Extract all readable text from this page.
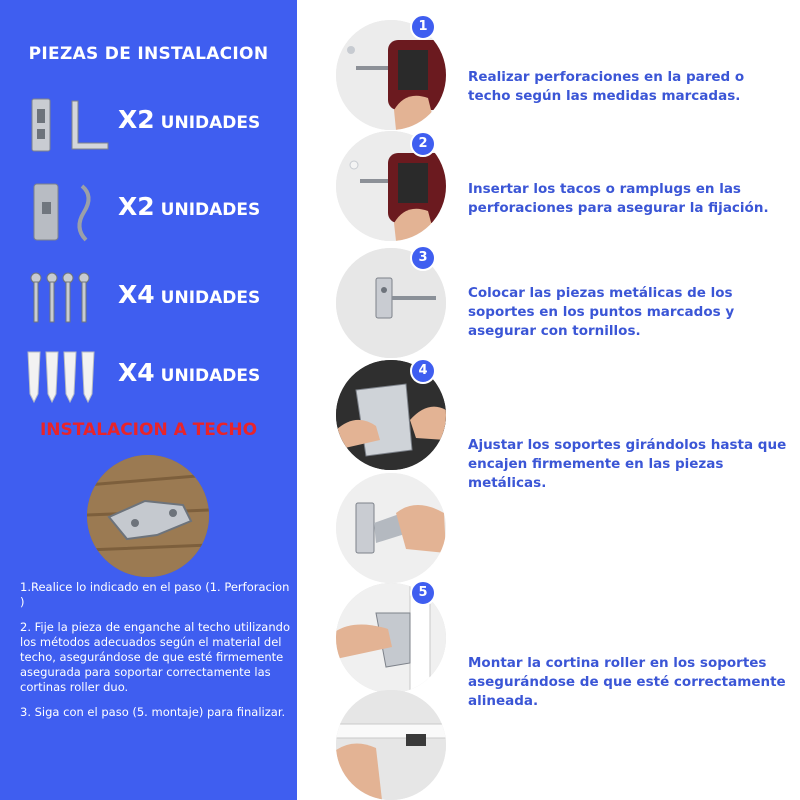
PIEZAS DE INSTALACION
X2 UNIDADES
X2 UNIDADES
X4 UNIDADES
X4 UNIDADES
INSTALACION A TECHO

1.Realice lo indicado en el paso (1. Perforacion )

2. Fije la pieza de enganche al techo utilizando los métodos adecuados según el material del techo, asegurándose de que esté firmemente asegurada para soportar correctamente las cortinas roller duo.

3. Siga con el paso (5. montaje) para finalizar.

1
Realizar perforaciones en la pared o techo según las medidas marcadas.
2
Insertar los tacos o ramplugs en las perforaciones para asegurar la fijación.
3
Colocar las piezas metálicas de los soportes en los puntos marcados y asegurar con tornillos.
4
Ajustar los soportes girándolos hasta que encajen firmemente en las piezas metálicas.
5
Montar la cortina roller en los soportes asegurándose de que esté correctamente alineada.
